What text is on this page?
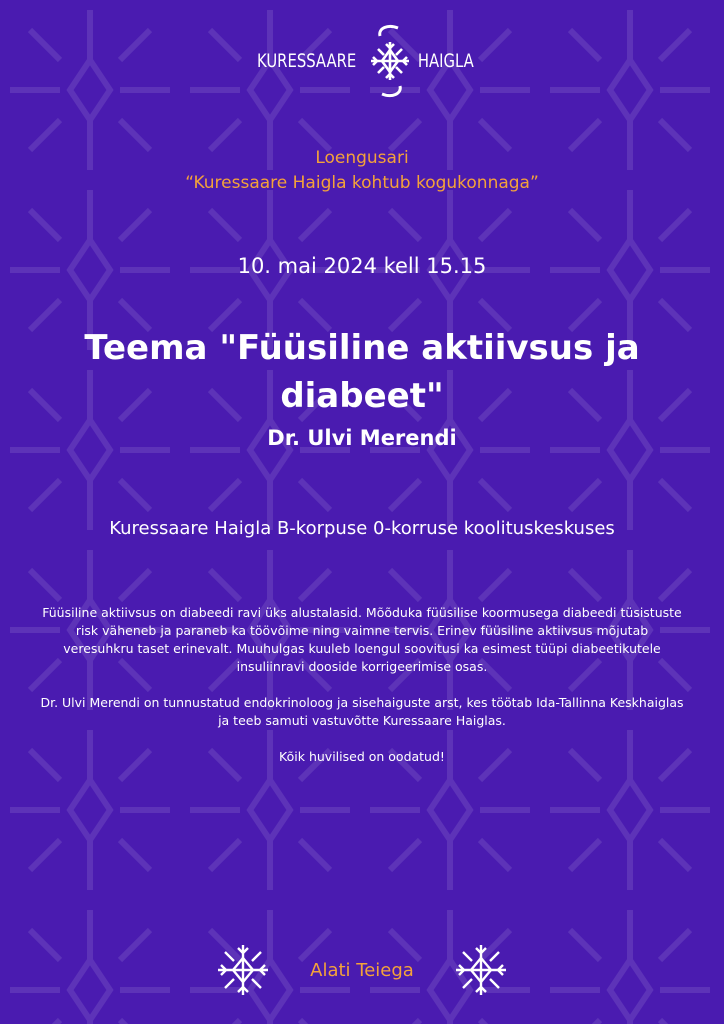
KURESSAARE	HAIGLA
Loengusari
“Kuressaare Haigla kohtub kogukonnaga”
10. mai 2024 kell 15.15
Teema "Füüsiline aktiivsus ja
diabeet"
Dr. Ulvi Merendi
Kuressaare Haigla B-korpuse 0-korruse koolituskeskuses

Füüsiline aktiivsus on diabeedi ravi üks alustalasid. Mõõduka füüsilise koormusega diabeedi tüsistuste risk väheneb ja paraneb ka töövõime ning vaimne tervis. Erinev füüsiline aktiivsus mõjutab veresuhkru taset erinevalt. Muuhulgas kuuleb loengul soovitusi ka esimest tüüpi diabeetikutele insuliinravi dooside korrigeerimise osas.

Dr. Ulvi Merendi on tunnustatud endokrinoloog ja sisehaiguste arst, kes töötab Ida-Tallinna Keskhaiglas ja teeb samuti vastuvõtte Kuressaare Haiglas.

Kõik huvilised on oodatud!

Alati Teiega
